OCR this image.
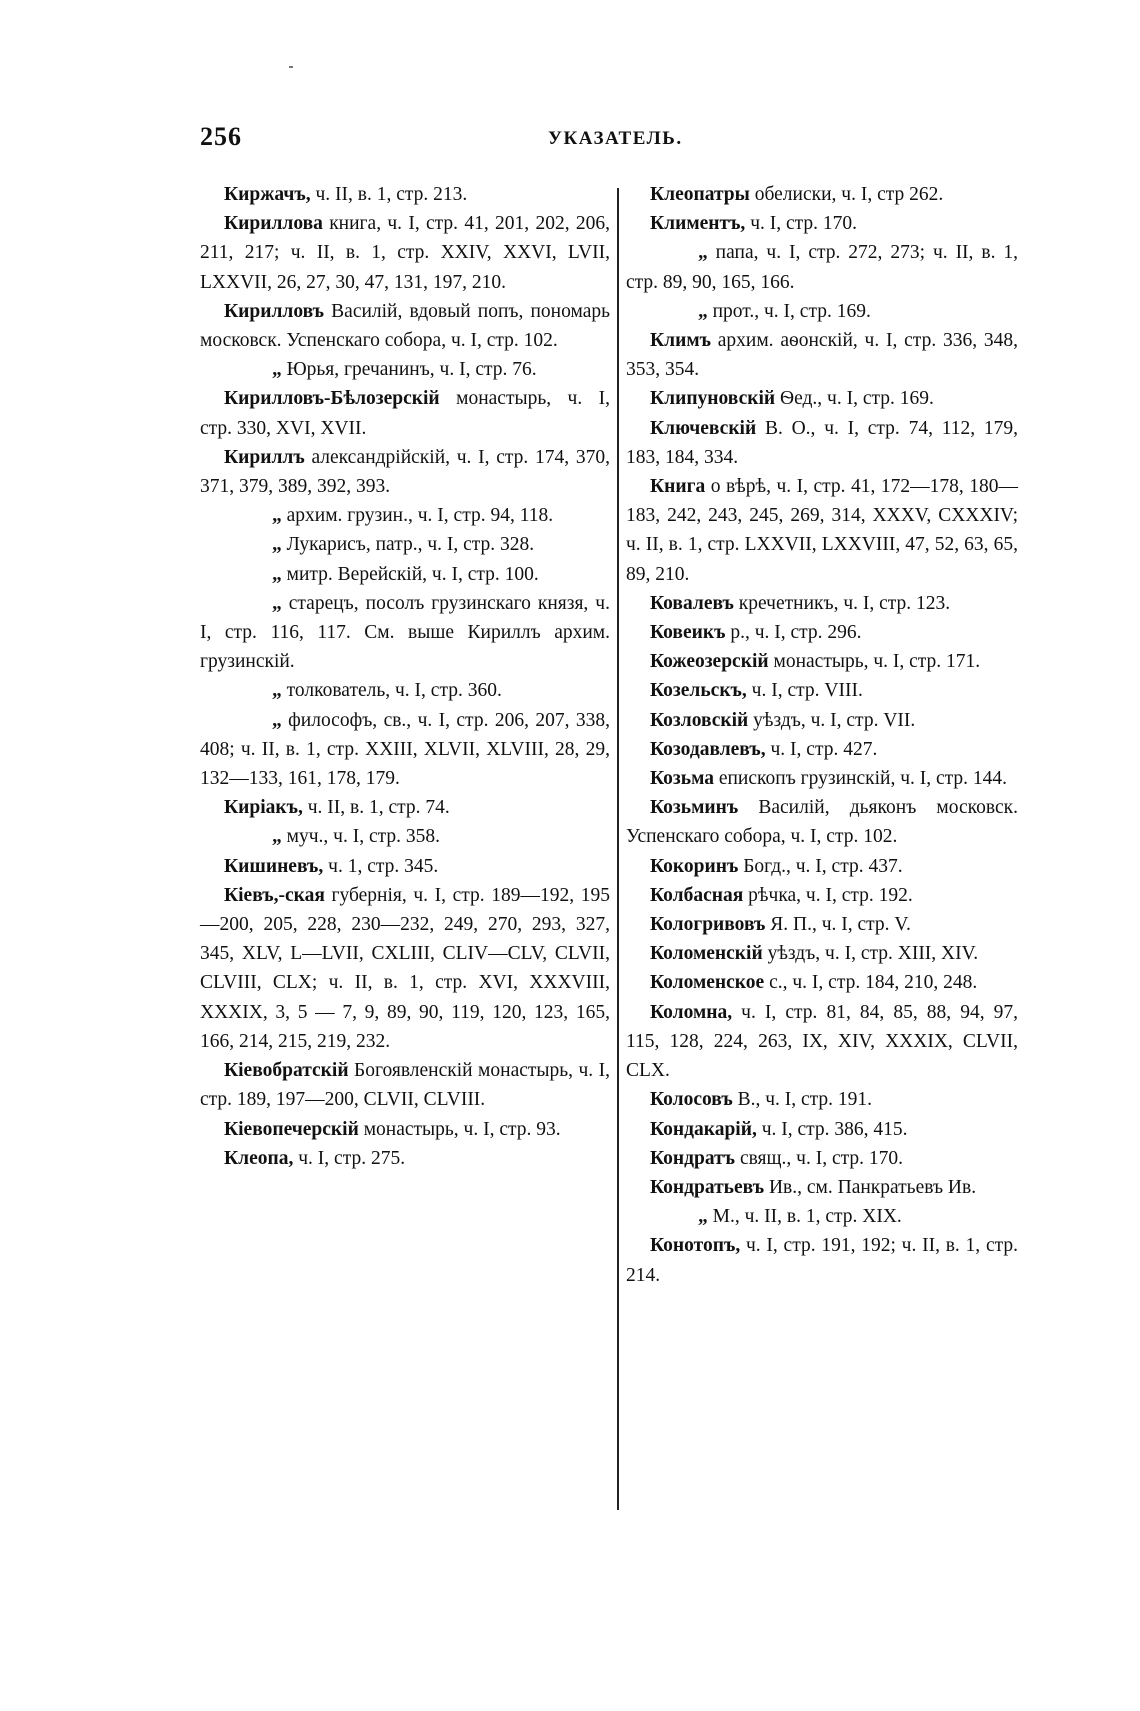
256	УКАЗАТЕЛЬ.

Киржачъ, ч. II, в. 1, стр. 213.

Кириллова книга, ч. I, стр. 41, 201, 202, 206, 211, 217; ч. II, в. 1, стр. XXIV, XXVI, LVII, LXXVII, 26, 27, 30, 47, 131, 197, 210.

Кирилловъ Василій, вдовый попъ, пономарь московск. Успенскаго собора, ч. I, стр. 102.

„ Юрья, гречанинъ, ч. I, стр. 76.

Кирилловъ-Бѣлозерскій монастырь, ч. I, стр. 330, XVI, XVII.

Кириллъ александрійскій, ч. I, стр. 174, 370, 371, 379, 389, 392, 393.

„ архим. грузин., ч. I, стр. 94, 118.

„ Лукарисъ, патр., ч. I, стр. 328.

„ митр. Верейскій, ч. I, стр. 100.

„ старецъ, посолъ грузинскаго князя, ч. I, стр. 116, 117. См. выше Кириллъ архим. грузинскій.

„ толкователь, ч. I, стр. 360.

„ философъ, св., ч. I, стр. 206, 207, 338, 408; ч. II, в. 1, стр. XXIII, XLVII, XLVIII, 28, 29, 132—133, 161, 178, 179.

Киріакъ, ч. II, в. 1, стр. 74.

„ муч., ч. I, стр. 358.

Кишиневъ, ч. 1, стр. 345.

Кіевъ,-ская губернія, ч. I, стр. 189—192, 195—200, 205, 228, 230—232, 249, 270, 293, 327, 345, XLV, L—LVII, CXLIII, CLIV—CLV, CLVII, CLVIII, CLX; ч. II, в. 1, стр. XVI, XXXVIII, XXXIX, 3, 5 — 7, 9, 89, 90, 119, 120, 123, 165, 166, 214, 215, 219, 232.

Кіевобратскій Богоявленскій монастырь, ч. I, стр. 189, 197—200, CLVII, CLVIII.

Кіевопечерскій монастырь, ч. I, стр. 93.

Клеопа, ч. I, стр. 275.

Клеопатры обелиски, ч. I, стр 262.

Климентъ, ч. I, стр. 170.

„ папа, ч. I, стр. 272, 273; ч. II, в. 1, стр. 89, 90, 165, 166.

„ прот., ч. I, стр. 169.

Климъ архим. аѳонскій, ч. I, стр. 336, 348, 353, 354.

Клипуновскій Ѳед., ч. I, стр. 169.

Ключевскій В. О., ч. I, стр. 74, 112, 179, 183, 184, 334.

Книга о вѣрѣ, ч. I, стр. 41, 172—178, 180—183, 242, 243, 245, 269, 314, XXXV, CXXXIV; ч. II, в. 1, стр. LXXVII, LXXVIII, 47, 52, 63, 65, 89, 210.

Ковалевъ кречетникъ, ч. I, стр. 123.

Ковеикъ р., ч. I, стр. 296.

Кожеозерскій монастырь, ч. I, стр. 171.

Козельскъ, ч. I, стр. VIII.

Козловскій уѣздъ, ч. I, стр. VII.

Козодавлевъ, ч. I, стр. 427.

Козьма епископъ грузинскій, ч. I, стр. 144.

Козьминъ Василій, дьяконъ московск. Успенскаго собора, ч. I, стр. 102.

Кокоринъ Богд., ч. I, стр. 437.

Колбасная рѣчка, ч. I, стр. 192.

Кологривовъ Я. П., ч. I, стр. V.

Коломенскій уѣздъ, ч. I, стр. XIII, XIV.

Коломенское с., ч. I, стр. 184, 210, 248.

Коломна, ч. I, стр. 81, 84, 85, 88, 94, 97, 115, 128, 224, 263, IX, XIV, XXXIX, CLVII, CLX.

Колосовъ В., ч. I, стр. 191.

Кондакарій, ч. I, стр. 386, 415.

Кондратъ свящ., ч. I, стр. 170.

Кондратьевъ Ив., см. Панкратьевъ Ив.

„ М., ч. II, в. 1, стр. XIX.

Конотопъ, ч. I, стр. 191, 192; ч. II, в. 1, стр. 214.
